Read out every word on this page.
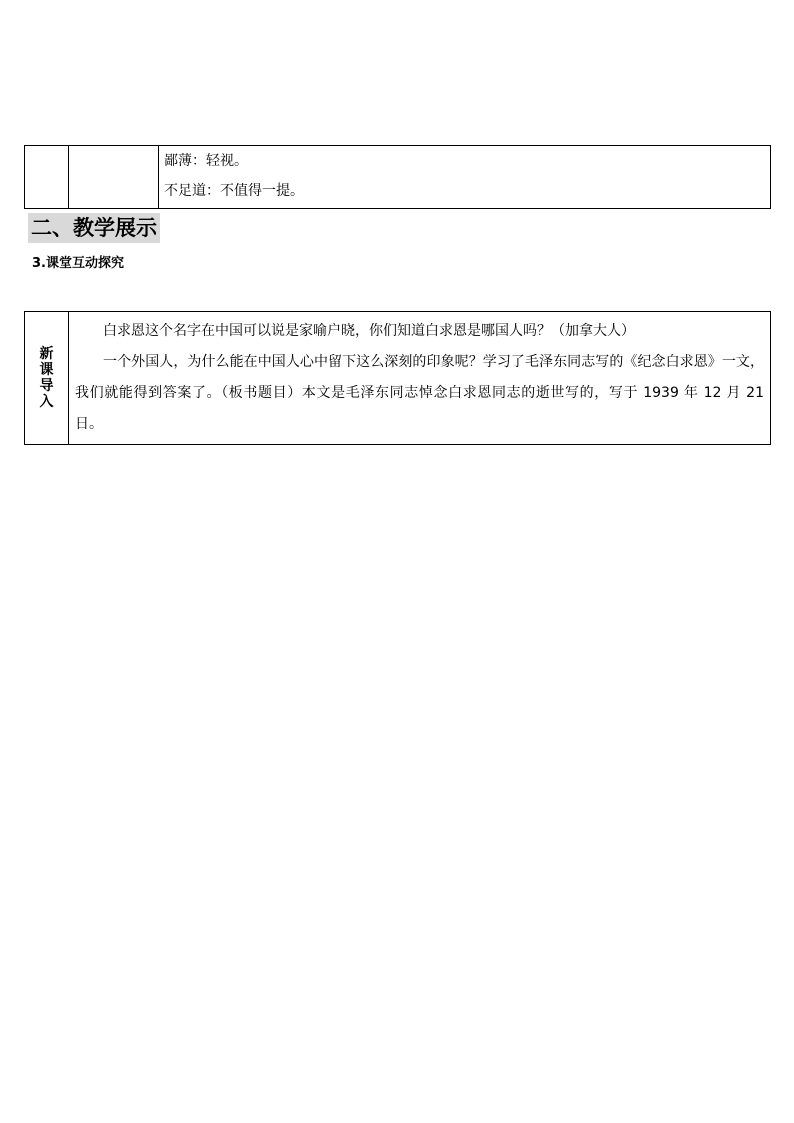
鄙薄：轻视。
不足道：不值得一提。
二、教学展示
3.课堂互动探究
新课导入	

白求恩这个名字在中国可以说是家喻户晓，你们知道白求恩是哪国人吗？（加拿大人）

一个外国人，为什么能在中国人心中留下这么深刻的印象呢？学习了毛泽东同志写的《纪念白求恩》一文，我们就能得到答案了。（板书题目）本文是毛泽东同志悼念白求恩同志的逝世写的，写于 1939 年 12 月 21 日。
